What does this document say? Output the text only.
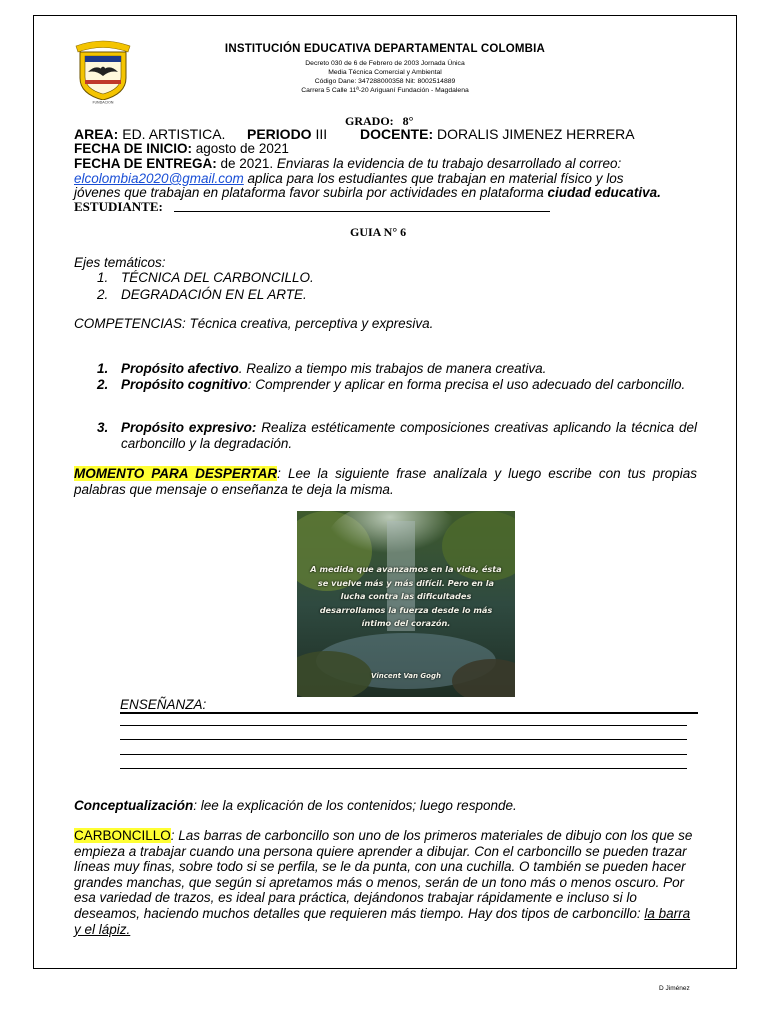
FUNDACION
INSTITUCIÓN EDUCATIVA DEPARTAMENTAL COLOMBIA
Decreto 030 de 6 de Febrero de 2003 Jornada Única
Media Técnica Comercial y Ambiental
Código Dane: 347288000358 Nit: 8002514889
Carrera 5 Calle 11ª-20 Ariguaní Fundación - Magdalena
GRADO: 8°
AREA: ED. ARTISTICA. PERIODO III DOCENTE: DORALIS JIMENEZ HERRERA
FECHA DE INICIO: agosto de 2021
FECHA DE ENTREGA: de 2021. Enviaras la evidencia de tu trabajo desarrollado al correo:
elcolombia2020@gmail.com aplica para los estudiantes que trabajan en material físico y los
jóvenes que trabajan en plataforma favor subirla por actividades en plataforma ciudad educativa.
ESTUDIANTE:
GUIA N° 6
Ejes temáticos:
1. TÉCNICA DEL CARBONCILLO.
2. DEGRADACIÓN EN EL ARTE.
COMPETENCIAS: Técnica creativa, perceptiva y expresiva.
1. Propósito afectivo. Realizo a tiempo mis trabajos de manera creativa.
2. Propósito cognitivo: Comprender y aplicar en forma precisa el uso adecuado del carboncillo.
3. Propósito expresivo: Realiza estéticamente composiciones creativas aplicando la técnica del carboncillo y la degradación.
MOMENTO PARA DESPERTAR: Lee la siguiente frase analízala y luego escribe con tus propias palabras que mensaje o enseñanza te deja la misma.
A medida que avanzamos en la vida, ésta se vuelve más y más difícil. Pero en la lucha contra las dificultades desarrollamos la fuerza desde lo más íntimo del corazón.
Vincent Van Gogh
ENSEÑANZA:
Conceptualización: lee la explicación de los contenidos; luego responde.
CARBONCILLO: Las barras de carboncillo son uno de los primeros materiales de dibujo con los que se empieza a trabajar cuando una persona quiere aprender a dibujar. Con el carboncillo se pueden trazar líneas muy finas, sobre todo si se perfila, se le da punta, con una cuchilla. O también se pueden hacer grandes manchas, que según si apretamos más o menos, serán de un tono más o menos oscuro. Por esa variedad de trazos, es ideal para práctica, dejándonos trabajar rápidamente e incluso si lo deseamos, haciendo muchos detalles que requieren más tiempo. Hay dos tipos de carboncillo: la barra y el lápiz.
D Jiménez
